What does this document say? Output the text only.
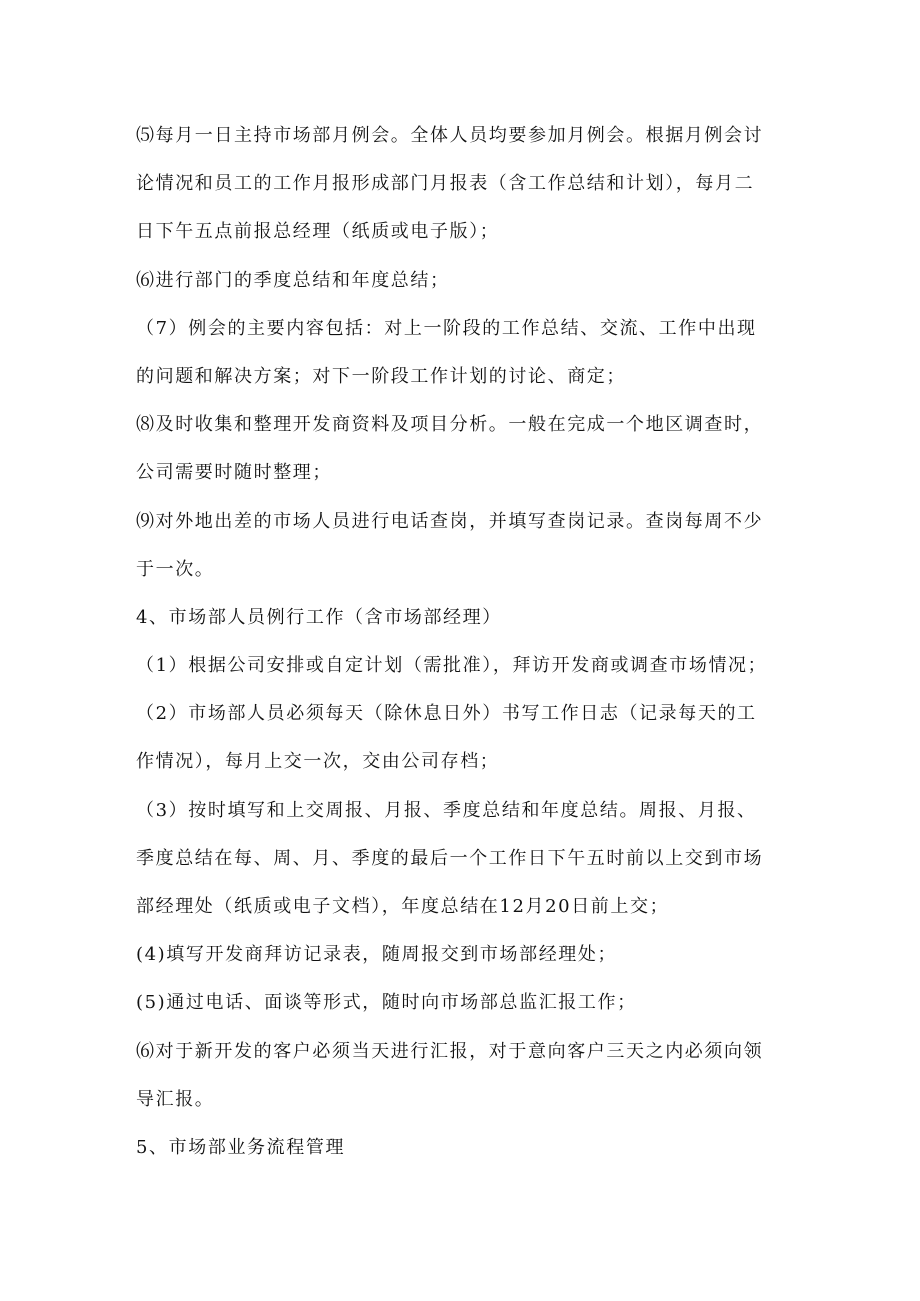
⑸每月一日主持市场部月例会。全体人员均要参加月例会。根据月例会讨
论情况和员工的工作月报形成部门月报表（含工作总结和计划），每月二
日下午五点前报总经理（纸质或电子版）；
⑹进行部门的季度总结和年度总结；
（7）例会的主要内容包括：对上一阶段的工作总结、交流、工作中出现
的问题和解决方案；对下一阶段工作计划的讨论、商定；
⑻及时收集和整理开发商资料及项目分析。一般在完成一个地区调查时，
公司需要时随时整理；
⑼对外地出差的市场人员进行电话查岗，并填写查岗记录。查岗每周不少
于一次。
4、市场部人员例行工作（含市场部经理）
（1）根据公司安排或自定计划（需批准），拜访开发商或调查市场情况；
（2）市场部人员必须每天（除休息日外）书写工作日志（记录每天的工
作情况），每月上交一次，交由公司存档；
（3）按时填写和上交周报、月报、季度总结和年度总结。周报、月报、
季度总结在每、周、月、季度的最后一个工作日下午五时前以上交到市场
部经理处（纸质或电子文档），年度总结在12月20日前上交；
(4)填写开发商拜访记录表，随周报交到市场部经理处；
(5)通过电话、面谈等形式，随时向市场部总监汇报工作；
⑹对于新开发的客户必须当天进行汇报，对于意向客户三天之内必须向领
导汇报。
5、市场部业务流程管理
